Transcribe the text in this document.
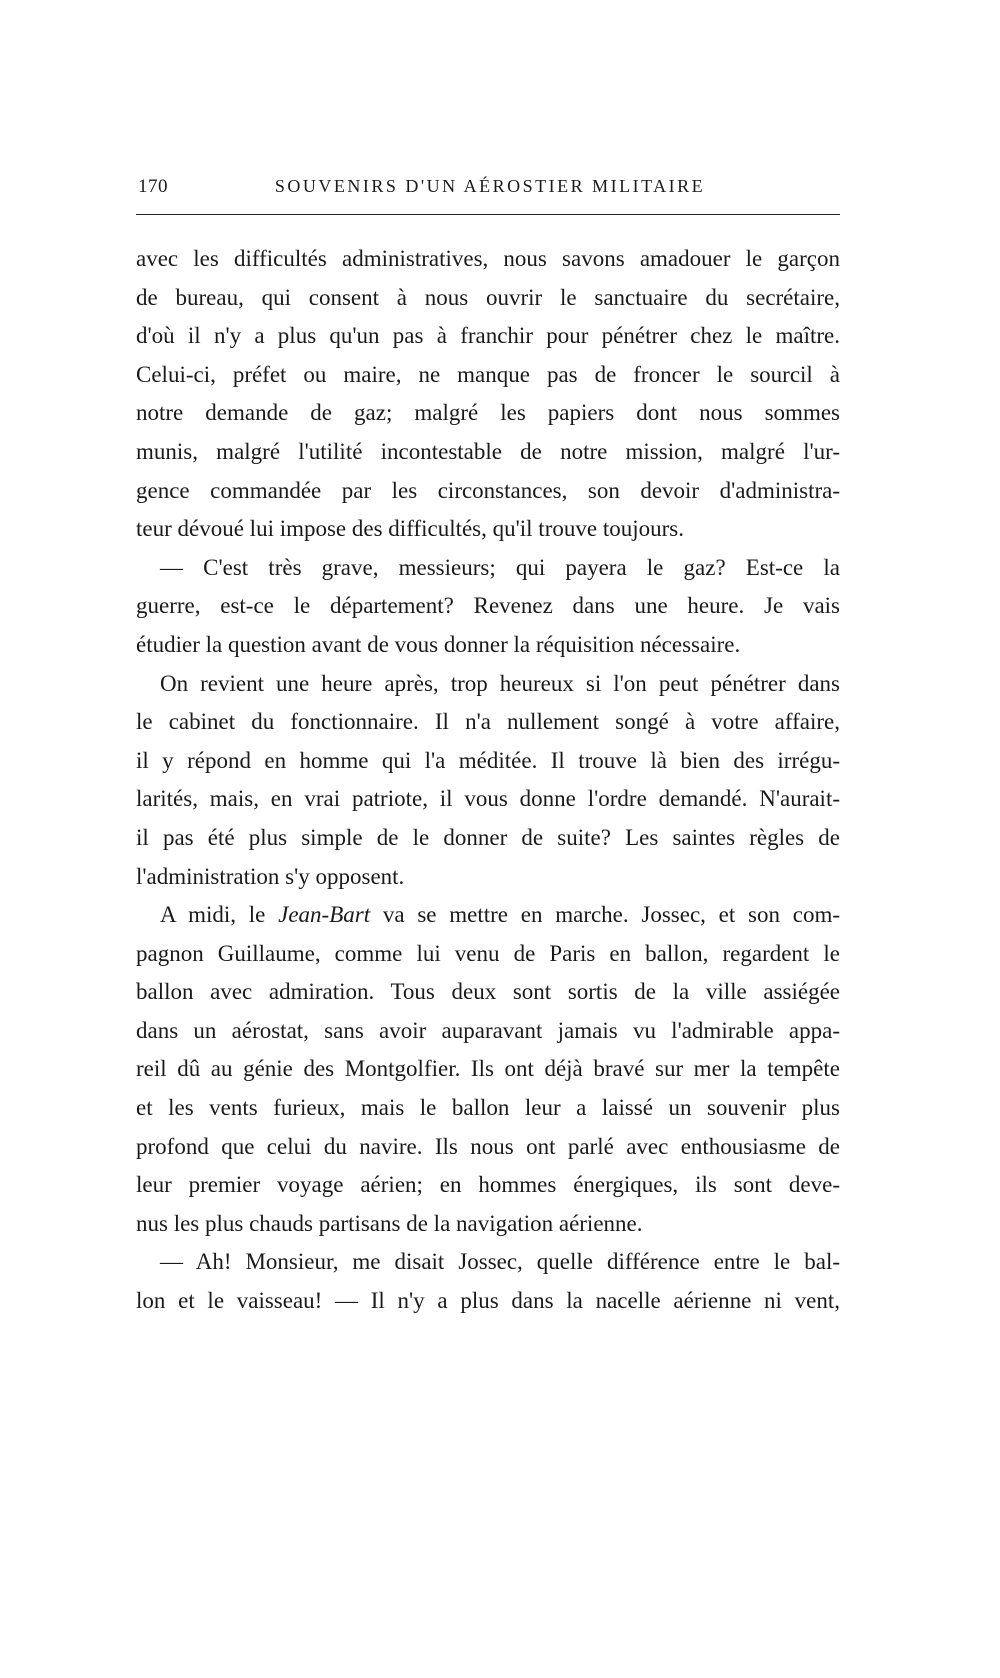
170	SOUVENIRS D'UN AÉROSTIER MILITAIRE
avec les difficultés administratives, nous savons amadouer le garçon
de bureau, qui consent à nous ouvrir le sanctuaire du secrétaire,
d'où il n'y a plus qu'un pas à franchir pour pénétrer chez le maître.
Celui-ci, préfet ou maire, ne manque pas de froncer le sourcil à
notre demande de gaz; malgré les papiers dont nous sommes
munis, malgré l'utilité incontestable de notre mission, malgré l'ur-
gence commandée par les circonstances, son devoir d'administra-
teur dévoué lui impose des difficultés, qu'il trouve toujours.
— C'est très grave, messieurs; qui payera le gaz? Est-ce la
guerre, est-ce le département? Revenez dans une heure. Je vais
étudier la question avant de vous donner la réquisition nécessaire.
On revient une heure après, trop heureux si l'on peut pénétrer dans
le cabinet du fonctionnaire. Il n'a nullement songé à votre affaire,
il y répond en homme qui l'a méditée. Il trouve là bien des irrégu-
larités, mais, en vrai patriote, il vous donne l'ordre demandé. N'aurait-
il pas été plus simple de le donner de suite? Les saintes règles de
l'administration s'y opposent.
A midi, le Jean-Bart va se mettre en marche. Jossec, et son com-
pagnon Guillaume, comme lui venu de Paris en ballon, regardent le
ballon avec admiration. Tous deux sont sortis de la ville assiégée
dans un aérostat, sans avoir auparavant jamais vu l'admirable appa-
reil dû au génie des Montgolfier. Ils ont déjà bravé sur mer la tempête
et les vents furieux, mais le ballon leur a laissé un souvenir plus
profond que celui du navire. Ils nous ont parlé avec enthousiasme de
leur premier voyage aérien; en hommes énergiques, ils sont deve-
nus les plus chauds partisans de la navigation aérienne.
— Ah! Monsieur, me disait Jossec, quelle différence entre le bal-
lon et le vaisseau! — Il n'y a plus dans la nacelle aérienne ni vent,
